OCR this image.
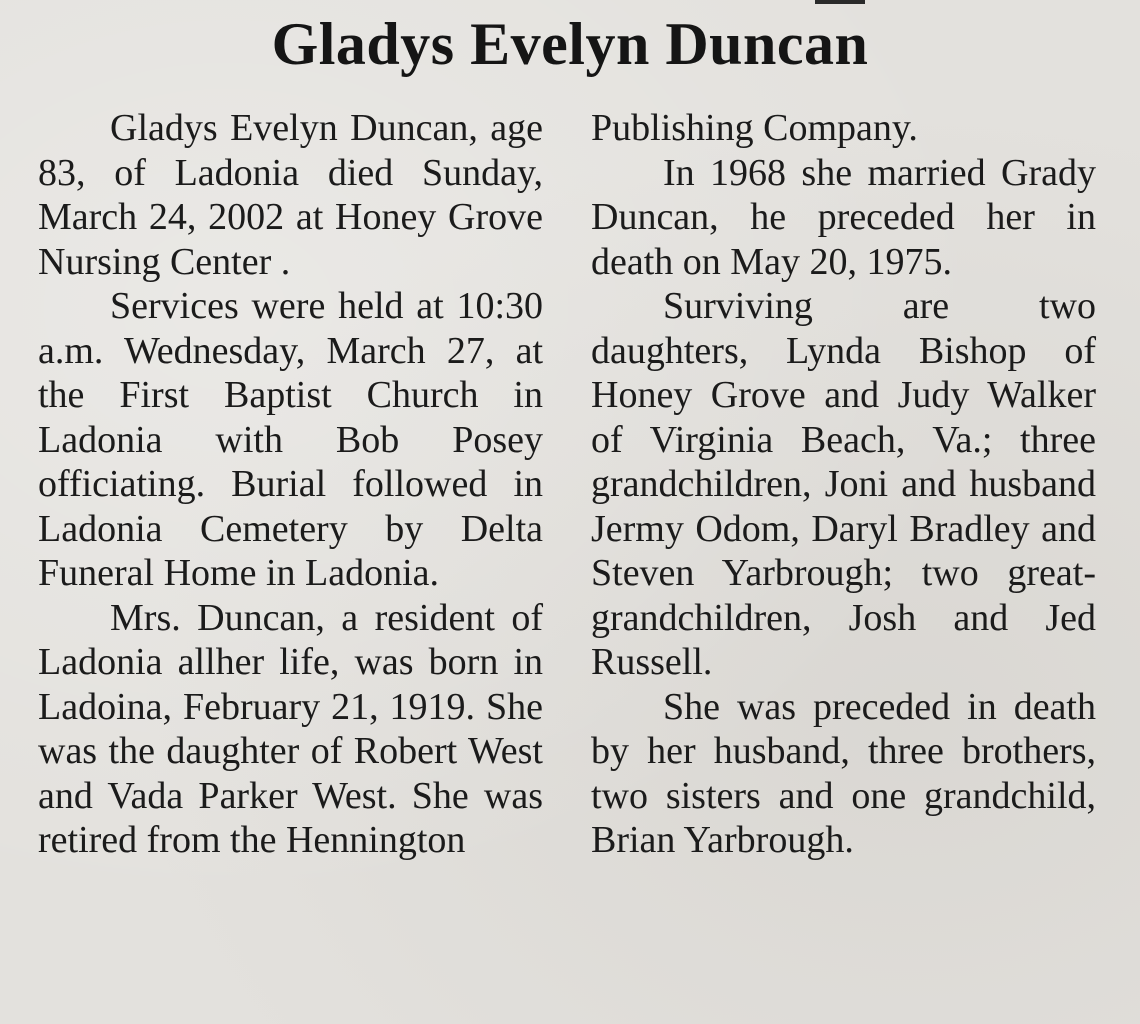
Gladys Evelyn Duncan

Gladys Evelyn Duncan, age 83, of Ladonia died Sunday, March 24, 2002 at Honey Grove Nursing Center .

Services were held at 10:30 a.m. Wednesday, March 27, at the First Baptist Church in Ladonia with Bob Posey officiating. Burial followed in Ladonia Cemetery by Delta Funeral Home in Ladonia.

Mrs. Duncan, a resident of Ladonia allher life, was born in Ladoina, February 21, 1919. She was the daughter of Robert West and Vada Parker West. She was retired from the Hennington

Publishing Company.

In 1968 she married Grady Duncan, he preceded her in death on May 20, 1975.

Surviving are two daughters, Lynda Bishop of Honey Grove and Judy Walker of Virginia Beach, Va.; three grandchildren, Joni and husband Jermy Odom, Daryl Bradley and Steven Yarbrough; two great-grandchildren, Josh and Jed Russell.

She was preceded in death by her husband, three brothers, two sisters and one grandchild, Brian Yarbrough.
